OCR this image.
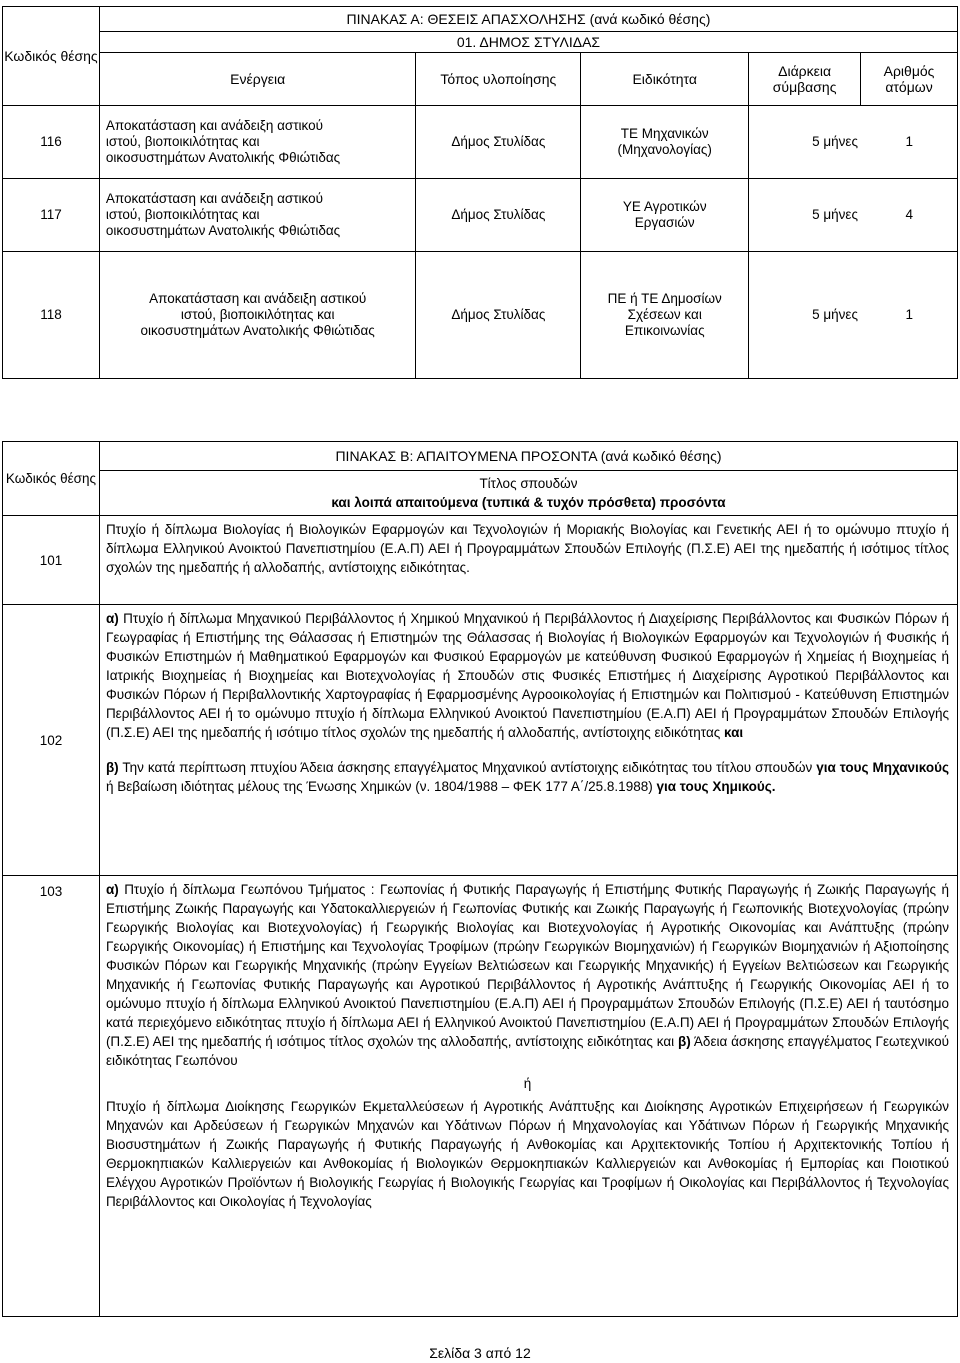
Κωδικός θέσης	ΠΙΝΑΚΑΣ Α: ΘΕΣΕΙΣ ΑΠΑΣΧΟΛΗΣΗΣ (ανά κωδικό θέσης)				
	01. ΔΗΜΟΣ ΣΤΥΛΙΔΑΣ				
	Ενέργεια	Τόπος υλοποίησης	Ειδικότητα	Διάρκεια σύμβασης	Αριθμός ατόμων
116	Αποκατάσταση και ανάδειξη αστικού
ιστού, βιοποικιλότητας και
οικοσυστημάτων Ανατολικής Φθιώτιδας	Δήμος Στυλίδας	ΤΕ Μηχανικών (Μηχανολογίας)	5 μήνες 1	
117	Αποκατάσταση και ανάδειξη αστικού
ιστού, βιοποικιλότητας και
οικοσυστημάτων Ανατολικής Φθιώτιδας	Δήμος Στυλίδας	ΥΕ Αγροτικών Εργασιών	5 μήνες 4	
118	Αποκατάσταση και ανάδειξη αστικού
ιστού, βιοποικιλότητας και
οικοσυστημάτων Ανατολικής Φθιώτιδας	Δήμος Στυλίδας	ΠΕ ή ΤΕ Δημοσίων Σχέσεων και Επικοινωνίας	5 μήνες 1	
Κωδικός θέσης	ΠΙΝΑΚΑΣ Β: ΑΠΑΙΤΟΥΜΕΝΑ ΠΡΟΣΟΝΤΑ (ανά κωδικό θέσης)

	Τίτλος σπουδών
και λοιπά απαιτούμενα (τυπικά & τυχόν πρόσθετα) προσόντα

101	Πτυχίο ή δίπλωμα Βιολογίας ή Βιολογικών Εφαρμογών και Τεχνολογιών ή Μοριακής Βιολογίας και Γενετικής ΑΕΙ ή το ομώνυμο πτυχίο ή δίπλωμα Ελληνικού Ανοικτού Πανεπιστημίου (Ε.Α.Π) ΑΕΙ ή Προγραμμάτων Σπουδών Επιλογής (Π.Σ.Ε) ΑΕΙ της ημεδαπής ή ισότιμος τίτλος σχολών της ημεδαπής ή αλλοδαπής, αντίστοιχης ειδικότητας.

102	α) Πτυχίο ή δίπλωμα Μηχανικού Περιβάλλοντος ή Χημικού Μηχανικού ή Περιβάλλοντος ή Διαχείρισης Περιβάλλοντος και Φυσικών Πόρων ή Γεωγραφίας ή Επιστήμης της Θάλασσας ή Επιστημών της Θάλασσας ή Βιολογίας ή Βιολογικών Εφαρμογών και Τεχνολογιών ή Φυσικής ή Φυσικών Επιστημών ή Μαθηματικού Εφαρμογών και Φυσικού Εφαρμογών με κατεύθυνση Φυσικού Εφαρμογών ή Χημείας ή Βιοχημείας ή Ιατρικής Βιοχημείας ή Βιοχημείας και Βιοτεχνολογίας ή Σπουδών στις Φυσικές Επιστήμες ή Διαχείρισης Αγροτικού Περιβάλλοντος και Φυσικών Πόρων ή Περιβαλλοντικής Χαρτογραφίας ή Εφαρμοσμένης Αγροοικολογίας ή Επιστημών και Πολιτισμού - Κατεύθυνση Επιστημών Περιβάλλοντος ΑΕΙ ή το ομώνυμο πτυχίο ή δίπλωμα Ελληνικού Ανοικτού Πανεπιστημίου (Ε.Α.Π) ΑΕΙ ή Προγραμμάτων Σπουδών Επιλογής (Π.Σ.Ε) ΑΕΙ της ημεδαπής ή ισότιμο τίτλος σχολών της ημεδαπής ή αλλοδαπής, αντίστοιχης ειδικότητας και

β) Την κατά περίπτωση πτυχίου Άδεια άσκησης επαγγέλματος Μηχανικού αντίστοιχης ειδικότητας του τίτλου σπουδών για τους Μηχανικούς ή Βεβαίωση ιδιότητας μέλους της Ένωσης Χημικών (ν. 1804/1988 – ΦΕΚ 177 Α΄/25.8.1988) για τους Χημικούς.

103	α) Πτυχίο ή δίπλωμα Γεωπόνου Τμήματος : Γεωπονίας ή Φυτικής Παραγωγής ή Επιστήμης Φυτικής Παραγωγής ή Ζωικής Παραγωγής ή Επιστήμης Ζωικής Παραγωγής και Υδατοκαλλιεργειών ή Γεωπονίας Φυτικής και Ζωικής Παραγωγής ή Γεωπονικής Βιοτεχνολογίας (πρώην Γεωργικής Βιολογίας και Βιοτεχνολογίας) ή Γεωργικής Βιολογίας και Βιοτεχνολογίας ή Αγροτικής Οικονομίας και Ανάπτυξης (πρώην Γεωργικής Οικονομίας) ή Επιστήμης και Τεχνολογίας Τροφίμων (πρώην Γεωργικών Βιομηχανιών) ή Γεωργικών Βιομηχανιών ή Αξιοποίησης Φυσικών Πόρων και Γεωργικής Μηχανικής (πρώην Εγγείων Βελτιώσεων και Γεωργικής Μηχανικής) ή Εγγείων Βελτιώσεων και Γεωργικής Μηχανικής ή Γεωπονίας Φυτικής Παραγωγής και Αγροτικού Περιβάλλοντος ή Αγροτικής Ανάπτυξης ή Γεωργικής Οικονομίας ΑΕΙ ή το ομώνυμο πτυχίο ή δίπλωμα Ελληνικού Ανοικτού Πανεπιστημίου (Ε.Α.Π) ΑΕΙ ή Προγραμμάτων Σπουδών Επιλογής (Π.Σ.Ε) ΑΕΙ ή ταυτόσημο κατά περιεχόμενο ειδικότητας πτυχίο ή δίπλωμα ΑΕΙ ή Ελληνικού Ανοικτού Πανεπιστημίου (Ε.Α.Π) ΑΕΙ ή Προγραμμάτων Σπουδών Επιλογής (Π.Σ.Ε) ΑΕΙ της ημεδαπής ή ισότιμος τίτλος σχολών της αλλοδαπής, αντίστοιχης ειδικότητας και β) Άδεια άσκησης επαγγέλματος Γεωτεχνικού ειδικότητας Γεωπόνου

ή

Πτυχίο ή δίπλωμα Διοίκησης Γεωργικών Εκμεταλλεύσεων ή Αγροτικής Ανάπτυξης και Διοίκησης Αγροτικών Επιχειρήσεων ή Γεωργικών Μηχανών και Αρδεύσεων ή Γεωργικών Μηχανών και Υδάτινων Πόρων ή Μηχανολογίας και Υδάτινων Πόρων ή Γεωργικής Μηχανικής Βιοσυστημάτων ή Ζωικής Παραγωγής ή Φυτικής Παραγωγής ή Ανθοκομίας και Αρχιτεκτονικής Τοπίου ή Αρχιτεκτονικής Τοπίου ή Θερμοκηπιακών Καλλιεργειών και Ανθοκομίας ή Βιολογικών Θερμοκηπιακών Καλλιεργειών και Ανθοκομίας ή Εμπορίας και Ποιοτικού Ελέγχου Αγροτικών Προϊόντων ή Βιολογικής Γεωργίας ή Βιολογικής Γεωργίας και Τροφίμων ή Οικολογίας και Περιβάλλοντος ή Τεχνολογίας Περιβάλλοντος και Οικολογίας ή Τεχνολογίας

Σελίδα 3 από 12
